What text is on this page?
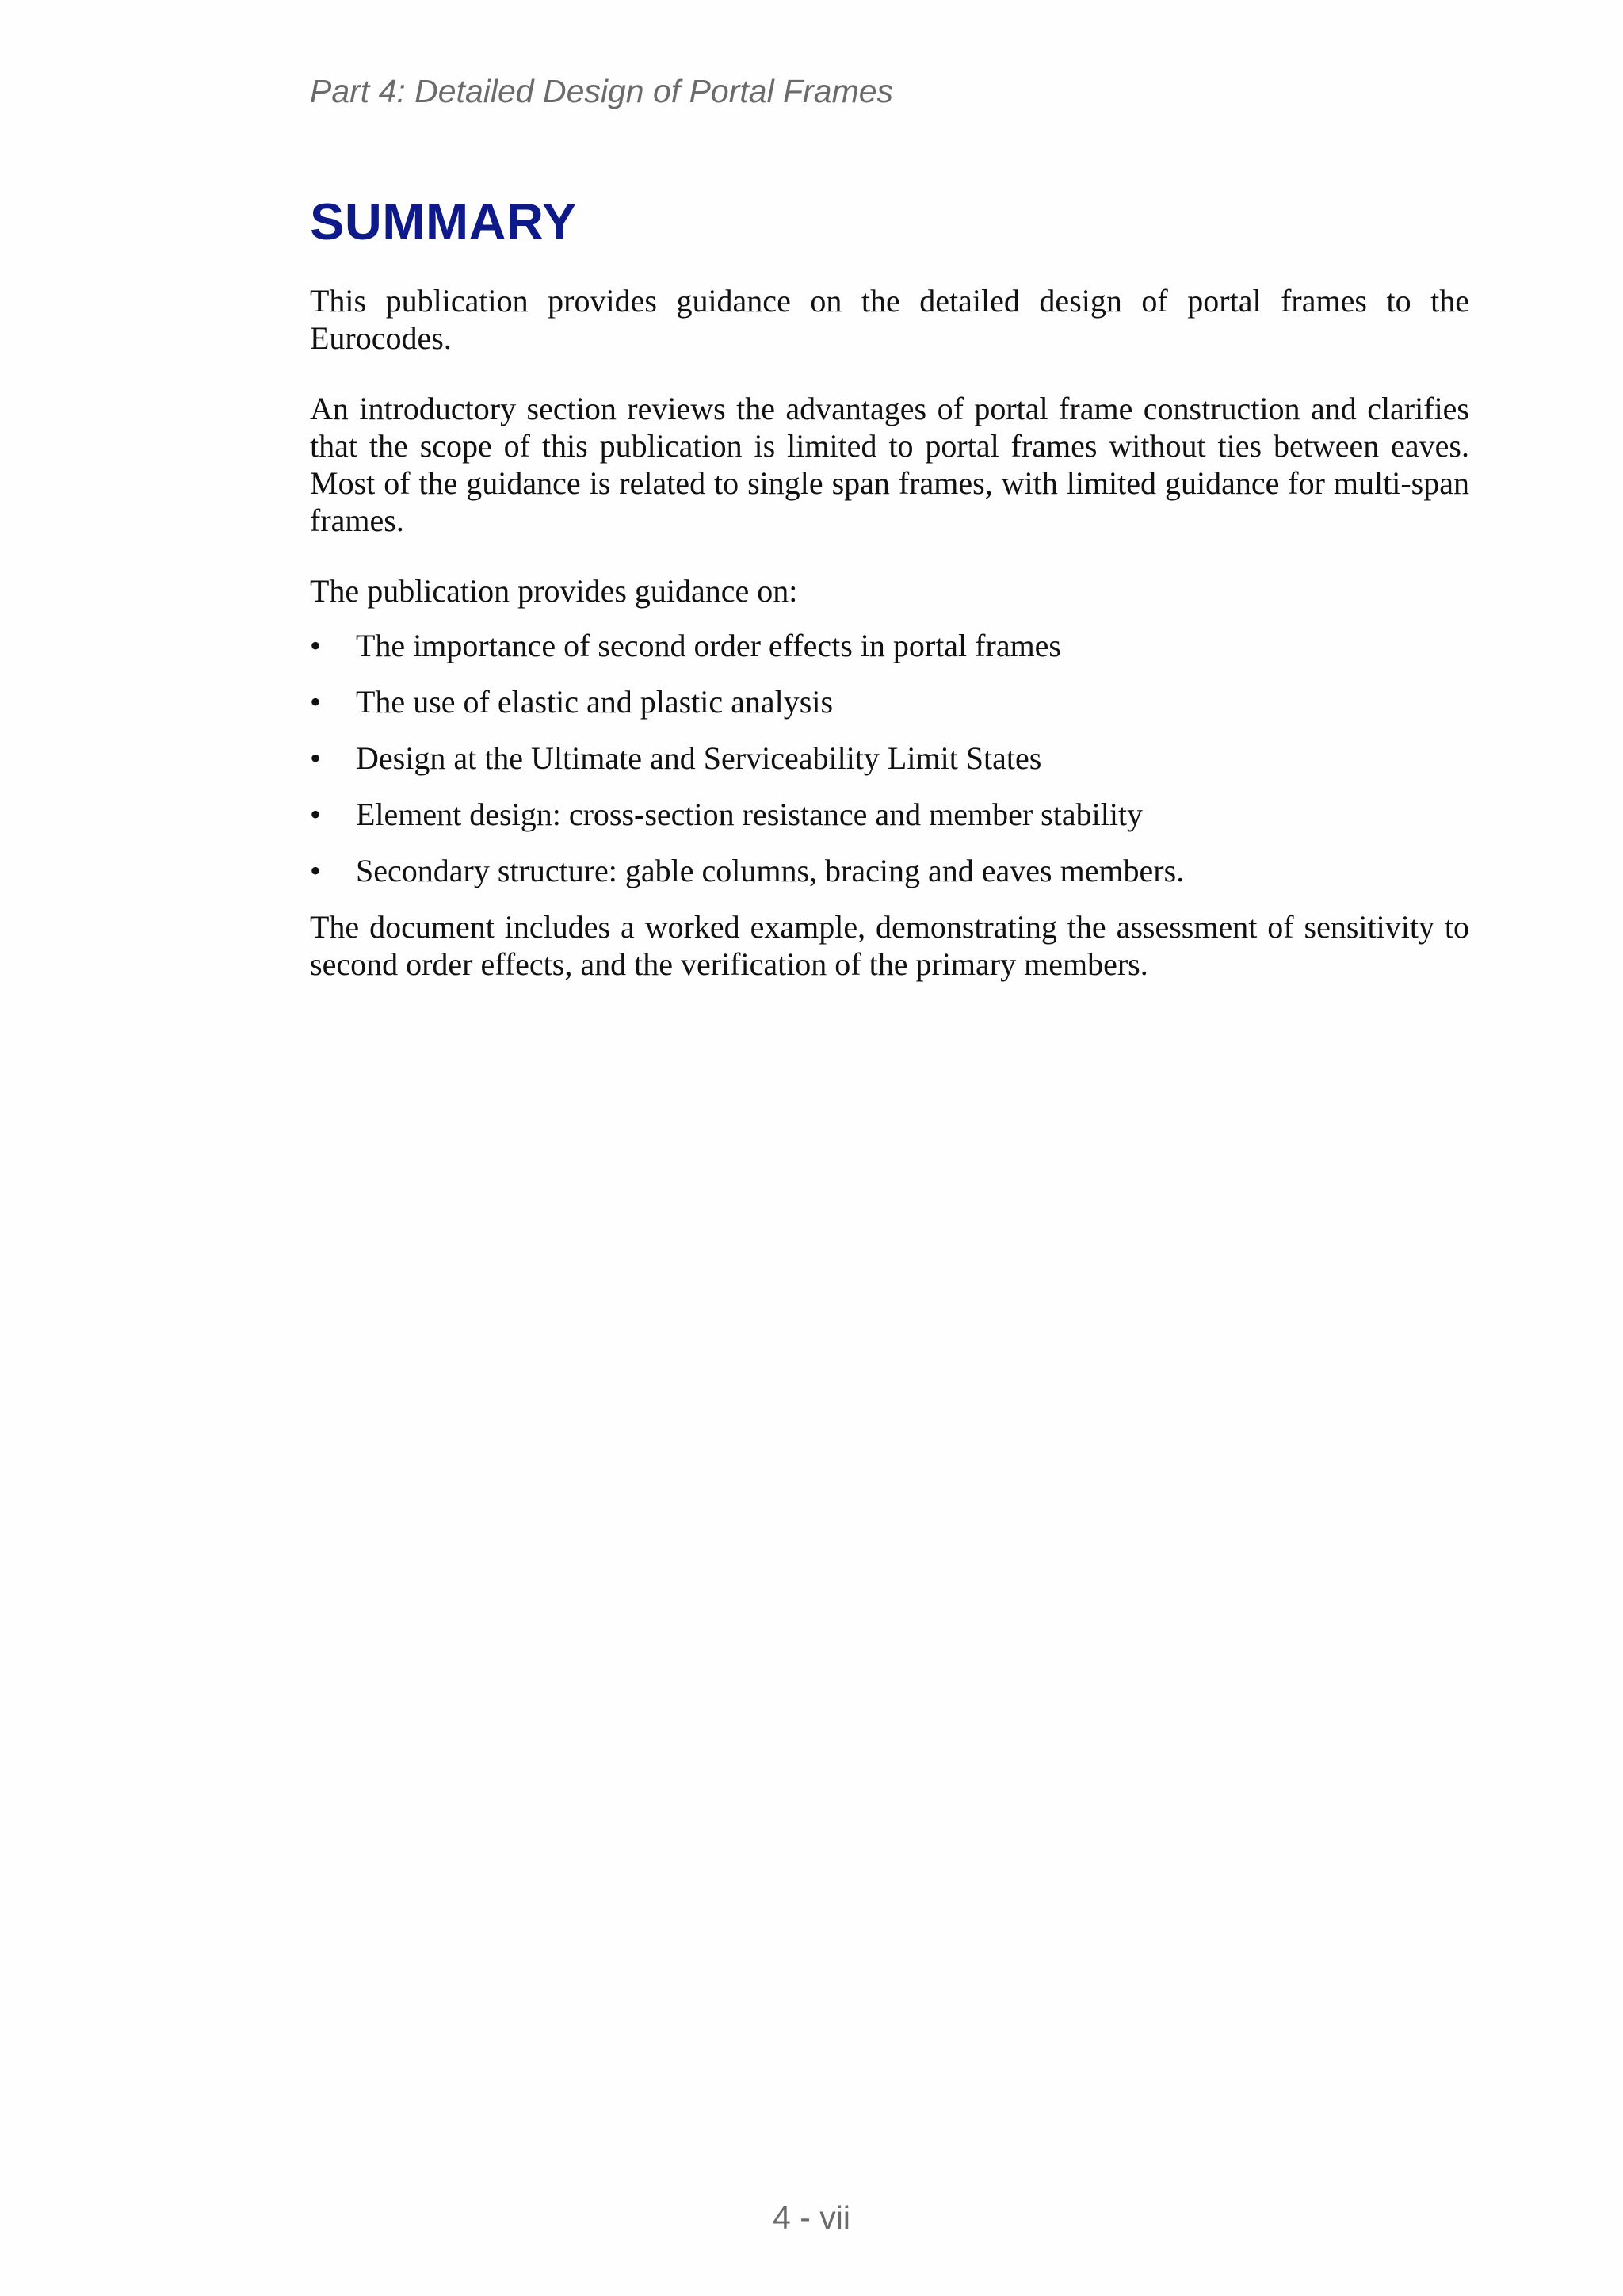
Part 4: Detailed Design of Portal Frames
SUMMARY

This publication provides guidance on the detailed design of portal frames to the Eurocodes.

An introductory section reviews the advantages of portal frame construction and clarifies that the scope of this publication is limited to portal frames without ties between eaves. Most of the guidance is related to single span frames, with limited guidance for multi-span frames.

The publication provides guidance on:

• The importance of second order effects in portal frames
• The use of elastic and plastic analysis
• Design at the Ultimate and Serviceability Limit States
• Element design: cross-section resistance and member stability
• Secondary structure: gable columns, bracing and eaves members.

The document includes a worked example, demonstrating the assessment of sensitivity to second order effects, and the verification of the primary members.

4 - vii
